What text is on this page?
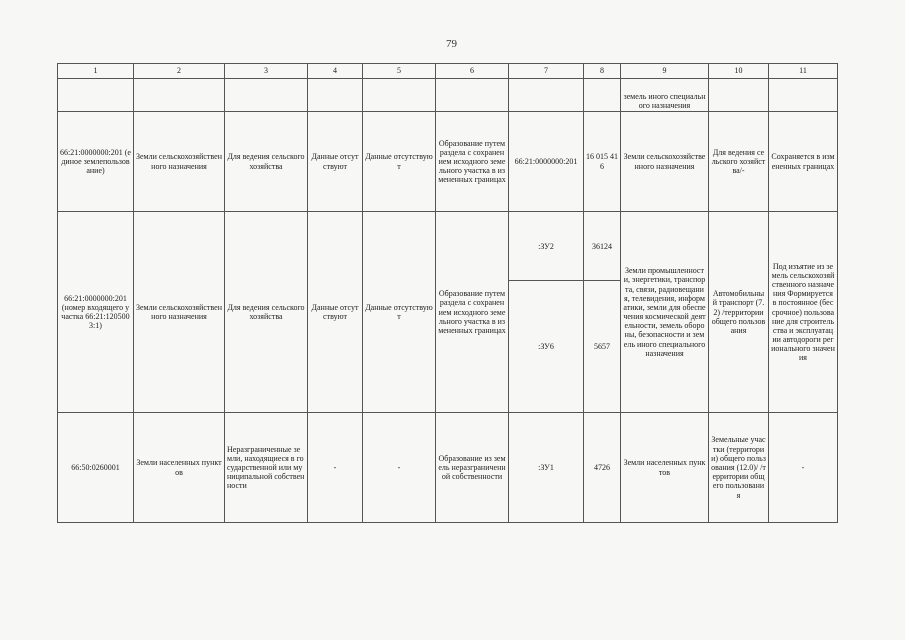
79
1	2	3	4	5	6	7	8	9	10	11
								земель иного специального назначения		
66:21:0000000:201 (единое землепользование)	Земли сельскохозяйственного назначения	Для ведения сельского хозяйства	Данные отсутствуют	Данные отсутствуют	Образование путем раздела с сохранением исходного земельного участка в измененных границах	66:21:0000000:201	16 015 416	Земли сельскохозяйственного назначения	Для ведения сельского хозяйства/-	Сохраняется в измененных границах
66:21:0000000:201 (номер входящего участка 66:21:1205003:1)	Земли сельскохозяйственного назначения	Для ведения сельского хозяйства	Данные отсутствуют	Данные отсутствуют	Образование путем раздела с сохранением исходного земельного участка в измененных границах	:ЗУ2	36124	Земли промышленности, энергетики, транспорта, связи, радиовещания, телевидения, информатики, земли для обеспечения космической деятельности, земель обороны, безопасности и земель иного специального назначения	Автомобильный транспорт (7.2) /территории общего пользования	Под изъятие из земель сельскохозяйственного назначения Формируется в постоянное (бессрочное) пользование для строительства и эксплуатации автодороги регионального значения
						:ЗУ6	5657			
66:50:0260001	Земли населенных пунктов	Неразграниченные земли, находящиеся в государственной или муниципальной собственности	-	-	Образование из земель неразграниченной собственности	:ЗУ1	4726	Земли населенных пунктов	Земельные участки (территории) общего пользования (12.0)/ /территории общего пользования	-
